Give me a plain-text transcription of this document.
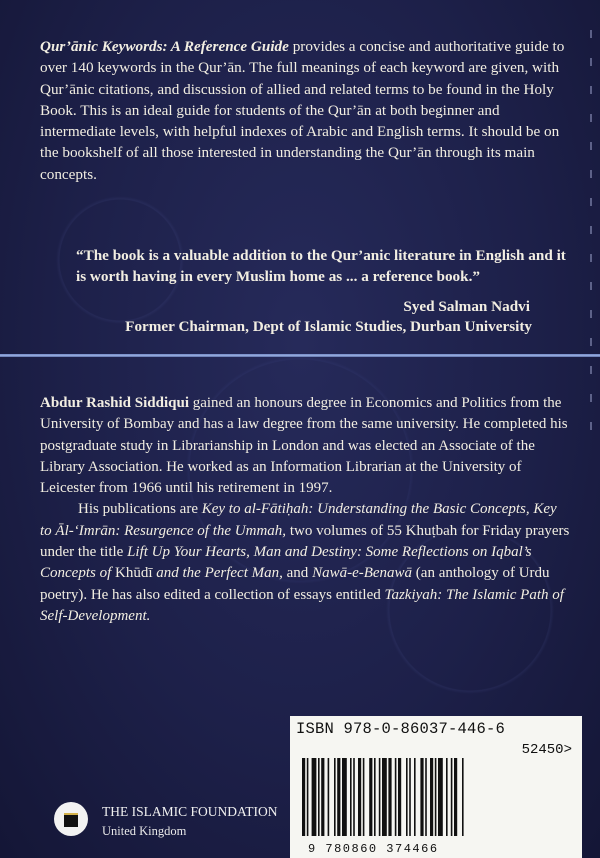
Qur’ānic Keywords: A Reference Guide provides a concise and authoritative guide to over 140 keywords in the Qur’ān. The full meanings of each keyword are given, with Qur’ānic citations, and discussion of allied and related terms to be found in the Holy Book. This is an ideal guide for students of the Qur’ān at both beginner and intermediate levels, with helpful indexes of Arabic and English terms. It should be on the bookshelf of all those interested in understanding the Qur’ān through its main concepts.

“The book is a valuable addition to the Qur’anic literature in English and it is worth having in every Muslim home as ... a reference book.”
Syed Salman Nadvi
Former Chairman, Dept of Islamic Studies, Durban University

Abdur Rashid Siddiqui gained an honours degree in Economics and Politics from the University of Bombay and has a law degree from the same university. He completed his postgraduate study in Librarianship in London and was elected an Associate of the Library Association. He worked as an Information Librarian at the University of Leicester from 1966 until his retirement in 1997.

His publications are Key to al-Fātiḥah: Understanding the Basic Concepts, Key to Āl-‘Imrān: Resurgence of the Ummah, two volumes of 55 Khuṭbah for Friday prayers under the title Lift Up Your Hearts, Man and Destiny: Some Reflections on Iqbal’s Concepts of Khūdī and the Perfect Man, and Nawā-e-Benawā (an anthology of Urdu poetry). He has also edited a collection of essays entitled Tazkiyah: The Islamic Path of Self-Development.

ISBN 978-0-86037-446-6
52450>
9 780860 374466
THE ISLAMIC FOUNDATION
United Kingdom
